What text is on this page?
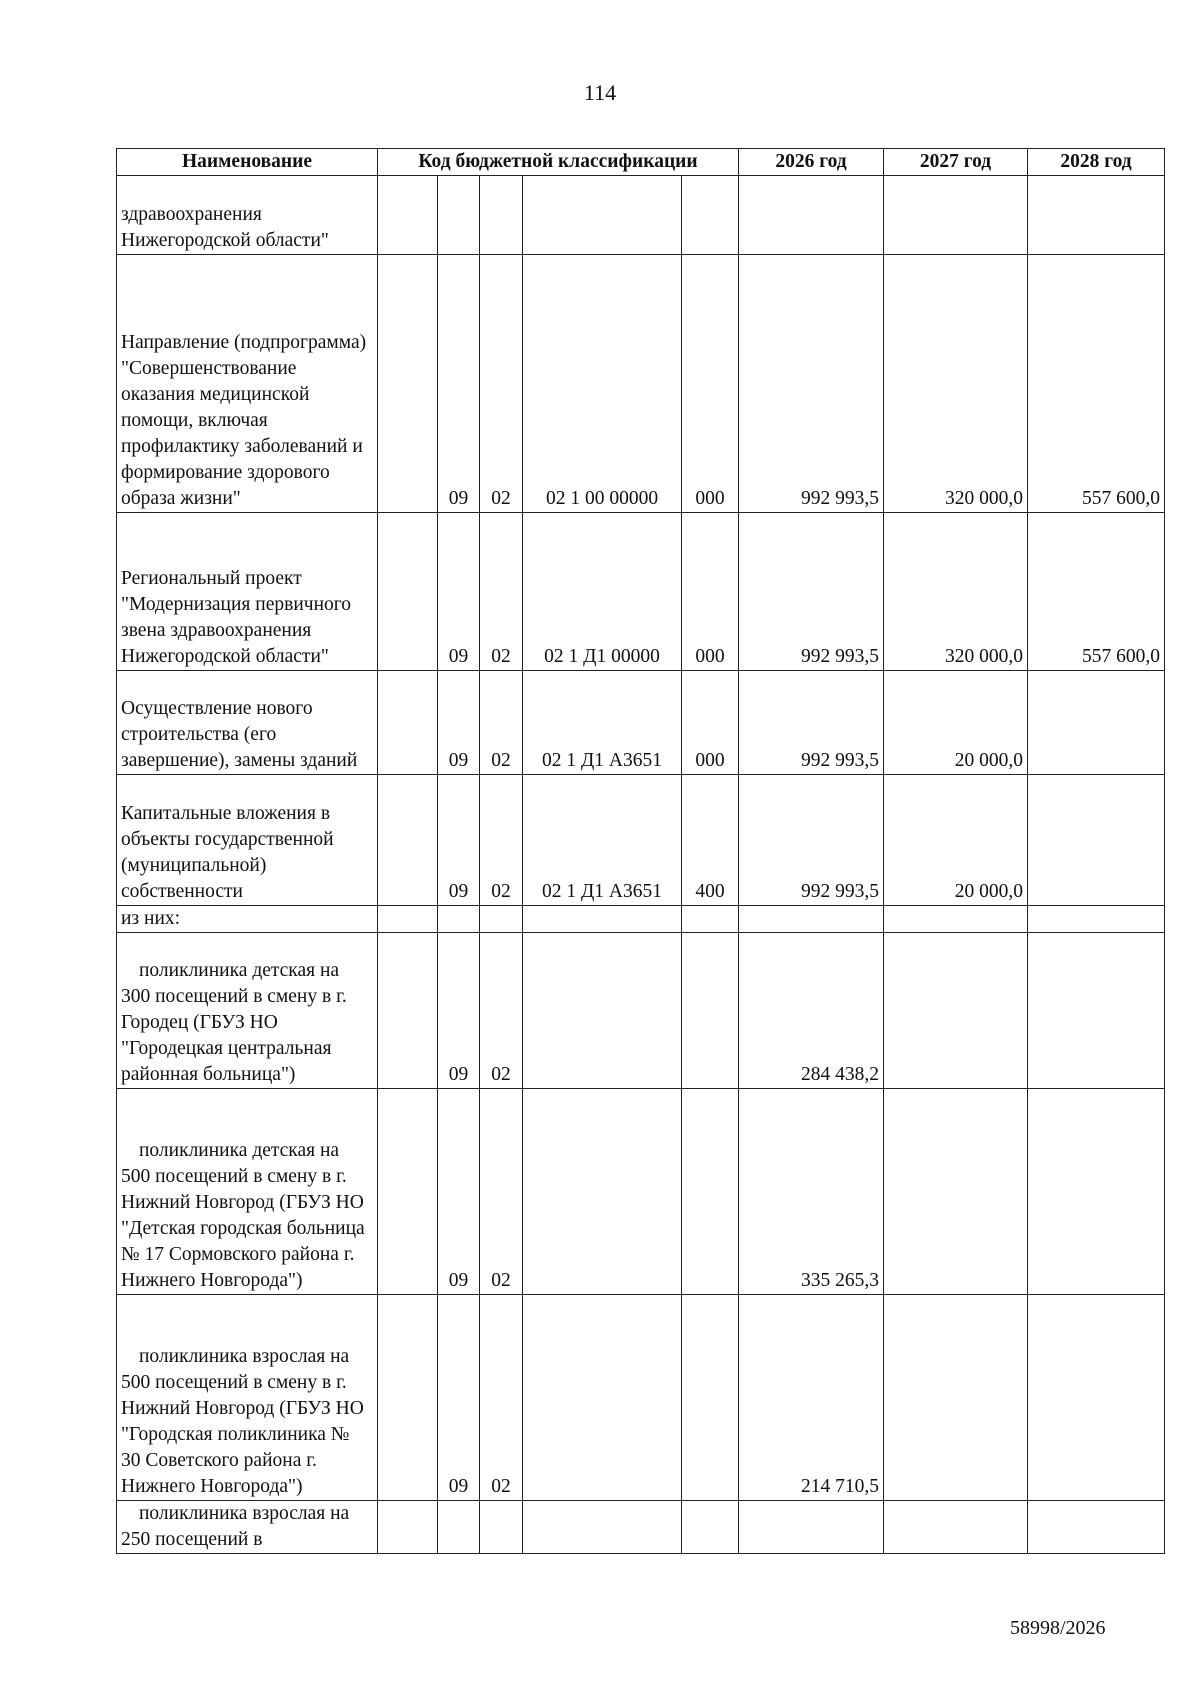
114
Наименование	Код бюджетной классификации					2026 год	2027 год	2028 год
здравоохранения Нижегородской области"								
Направление (подпрограмма) "Совершенствование оказания медицинской помощи, включая профилактику заболеваний и формирование здорового образа жизни"		09	02	02 1 00 00000	000	992 993,5	320 000,0	557 600,0
Региональный проект "Модернизация первичного звена здравоохранения Нижегородской области"		09	02	02 1 Д1 00000	000	992 993,5	320 000,0	557 600,0
Осуществление нового строительства (его завершение), замены зданий		09	02	02 1 Д1 А3651	000	992 993,5	20 000,0	
Капитальные вложения в объекты государственной (муниципальной) собственности		09	02	02 1 Д1 А3651	400	992 993,5	20 000,0	
из них:								
поликлиника детская на 300 посещений в смену в г. Городец (ГБУЗ НО "Городецкая центральная районная больница")		09	02			284 438,2		
поликлиника детская на 500 посещений в смену в г. Нижний Новгород (ГБУЗ НО "Детская городская больница № 17 Сормовского района г. Нижнего Новгорода")		09	02			335 265,3		
поликлиника взрослая на 500 посещений в смену в г. Нижний Новгород (ГБУЗ НО "Городская поликлиника № 30 Советского района г. Нижнего Новгорода")		09	02			214 710,5		
поликлиника взрослая на 250 посещений в								
58998/2026
